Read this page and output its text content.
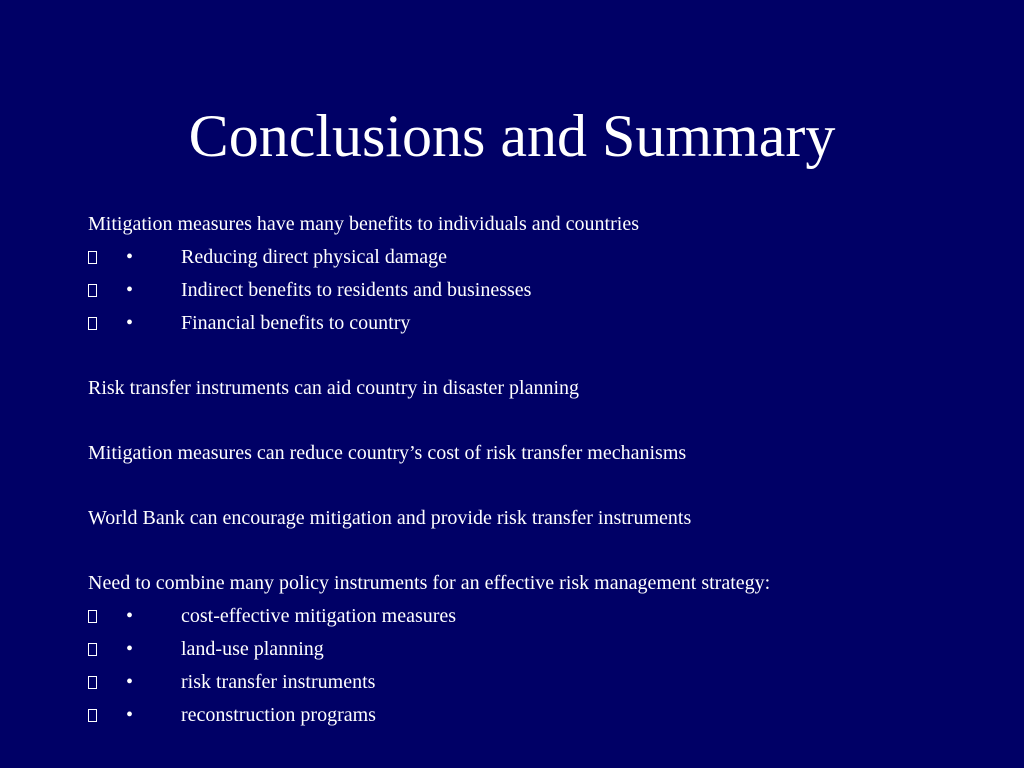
Conclusions and Summary
Mitigation measures have many benefits to individuals and countries
• Reducing direct physical damage
• Indirect benefits to residents and businesses
• Financial benefits to country
Risk transfer instruments can aid country in disaster planning
Mitigation measures can reduce country’s cost of risk transfer mechanisms
World Bank can encourage mitigation and provide risk transfer instruments
Need to combine many policy instruments for an effective risk management strategy:
• cost-effective mitigation measures
• land-use planning
• risk transfer instruments
• reconstruction programs
